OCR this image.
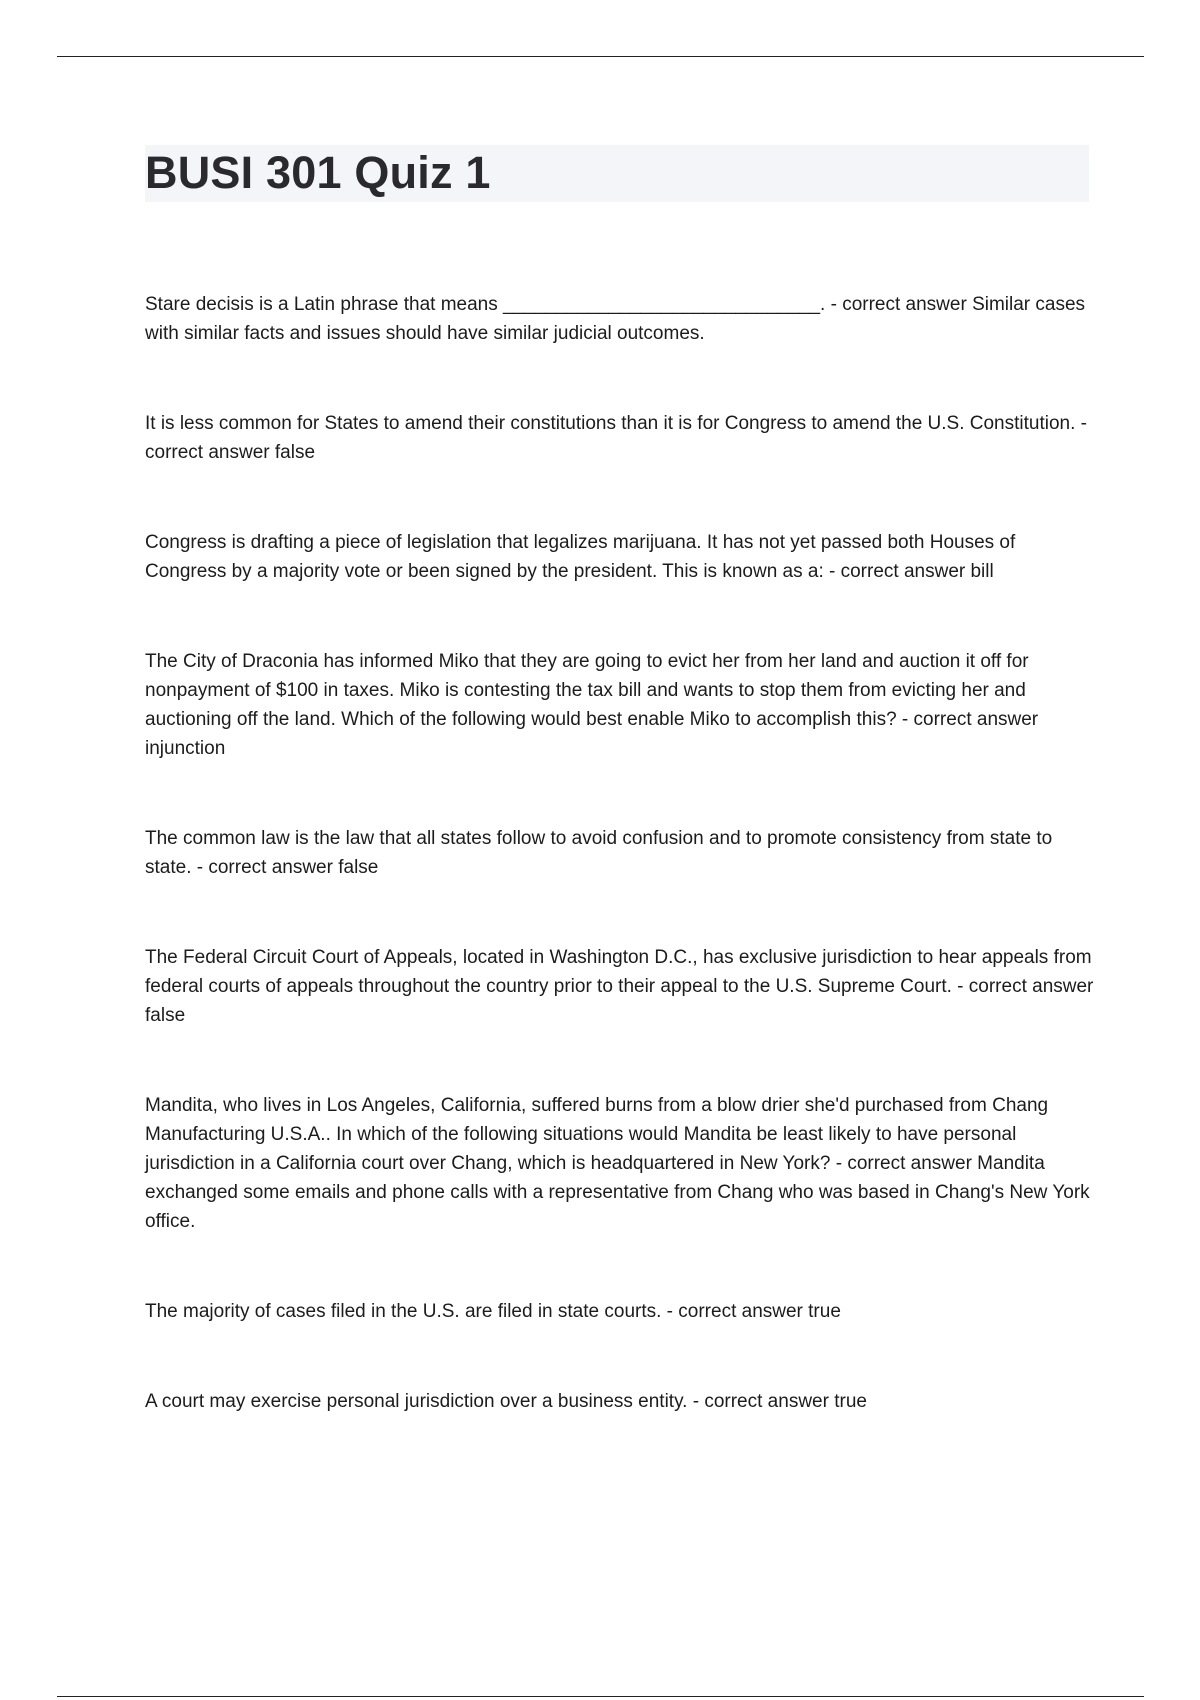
BUSI 301 Quiz 1

Stare decisis is a Latin phrase that means ______________________________. - correct answer Similar cases with similar facts and issues should have similar judicial outcomes.

It is less common for States to amend their constitutions than it is for Congress to amend the U.S. Constitution. - correct answer false

Congress is drafting a piece of legislation that legalizes marijuana. It has not yet passed both Houses of Congress by a majority vote or been signed by the president. This is known as a: - correct answer bill

The City of Draconia has informed Miko that they are going to evict her from her land and auction it off for nonpayment of $100 in taxes. Miko is contesting the tax bill and wants to stop them from evicting her and auctioning off the land. Which of the following would best enable Miko to accomplish this? - correct answer injunction

The common law is the law that all states follow to avoid confusion and to promote consistency from state to state. - correct answer false

The Federal Circuit Court of Appeals, located in Washington D.C., has exclusive jurisdiction to hear appeals from federal courts of appeals throughout the country prior to their appeal to the U.S. Supreme Court. - correct answer false

Mandita, who lives in Los Angeles, California, suffered burns from a blow drier she'd purchased from Chang Manufacturing U.S.A.. In which of the following situations would Mandita be least likely to have personal jurisdiction in a California court over Chang, which is headquartered in New York? - correct answer Mandita exchanged some emails and phone calls with a representative from Chang who was based in Chang's New York office.

The majority of cases filed in the U.S. are filed in state courts. - correct answer true

A court may exercise personal jurisdiction over a business entity. - correct answer true
